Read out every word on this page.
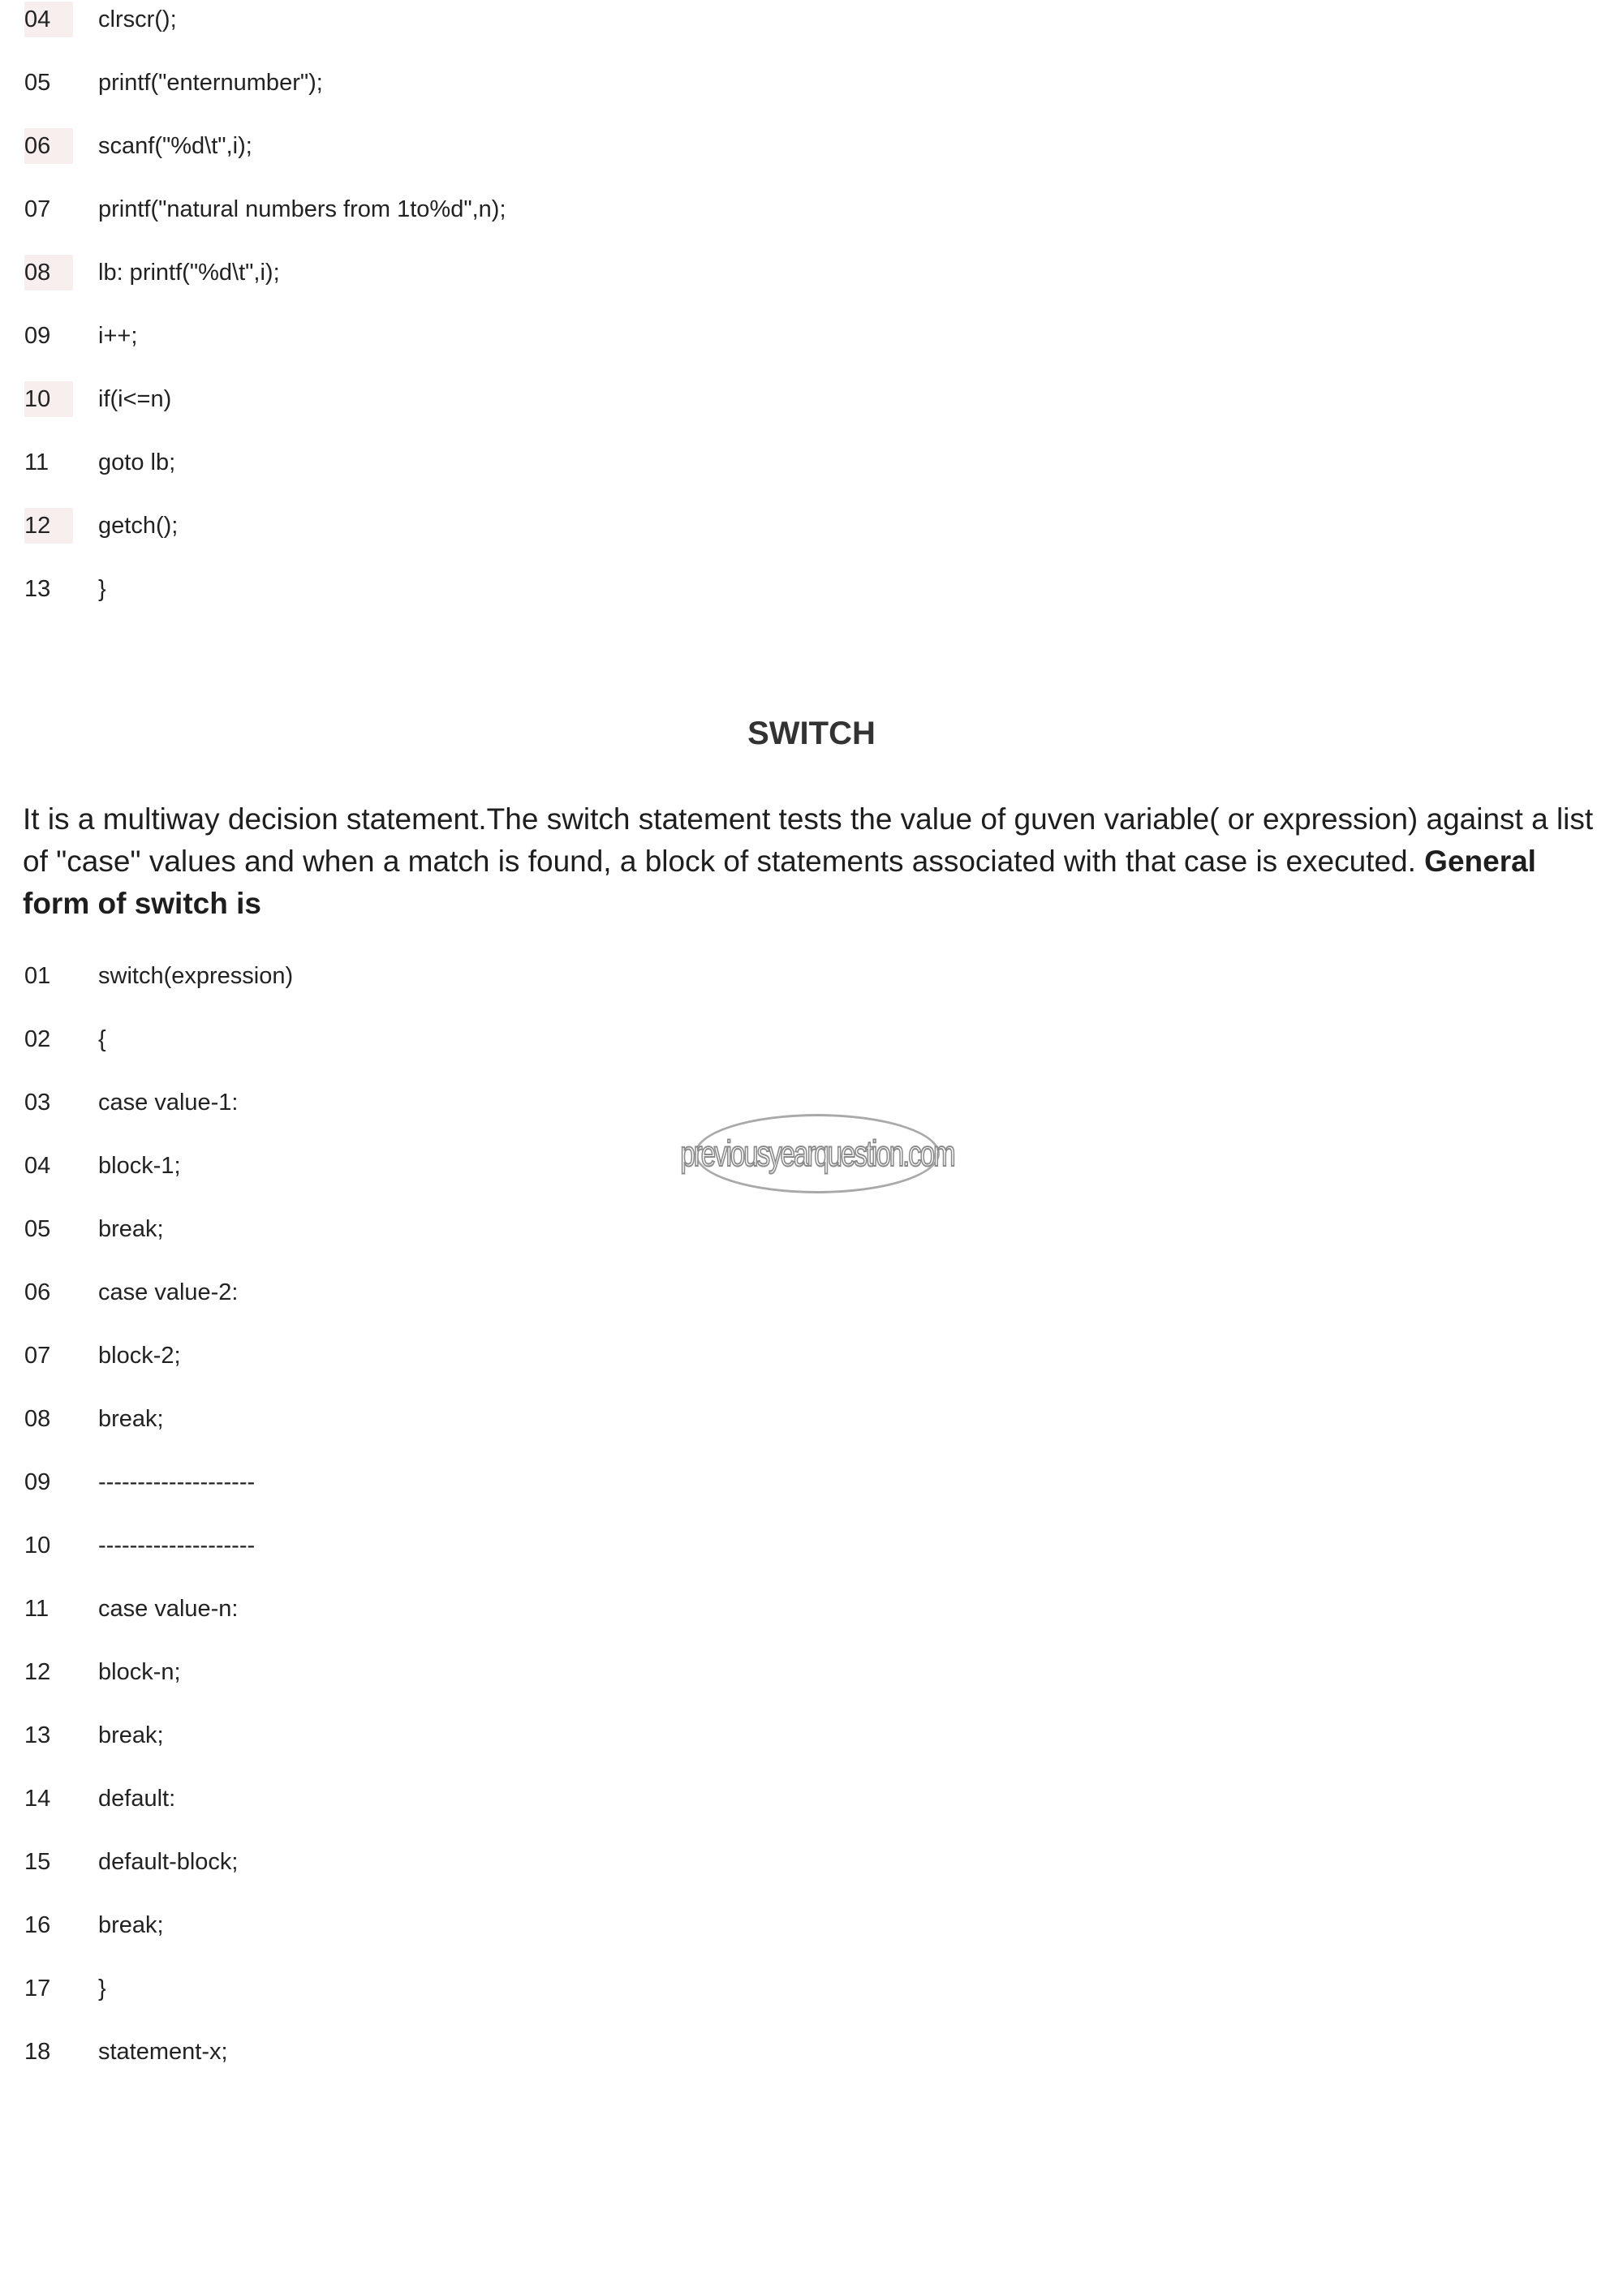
04	clrscr();
05 printf("enternumber");
06	scanf("%d\t",i);
07 printf("natural numbers from 1to%d",n);
08	lb: printf("%d\t",i);
09 i++;
10	if(i<=n)
11 goto lb;
12	getch();
13 }
SWITCH
It is a multiway decision statement.The switch statement tests the value of guven variable( or expression) against a list of "case" values and when a match is found, a block of statements associated with that case is executed. General form of switch is
01 switch(expression)
02 {
03 case value-1:
04 block-1;
05 break;
06 case value-2:
07 block-2;
08 break;
09 --------------------
10 --------------------
11 case value-n:
12 block-n;
13 break;
14 default:
15 default-block;
16 break;
17 }
18 statement-x;
previousyearquestion.com
